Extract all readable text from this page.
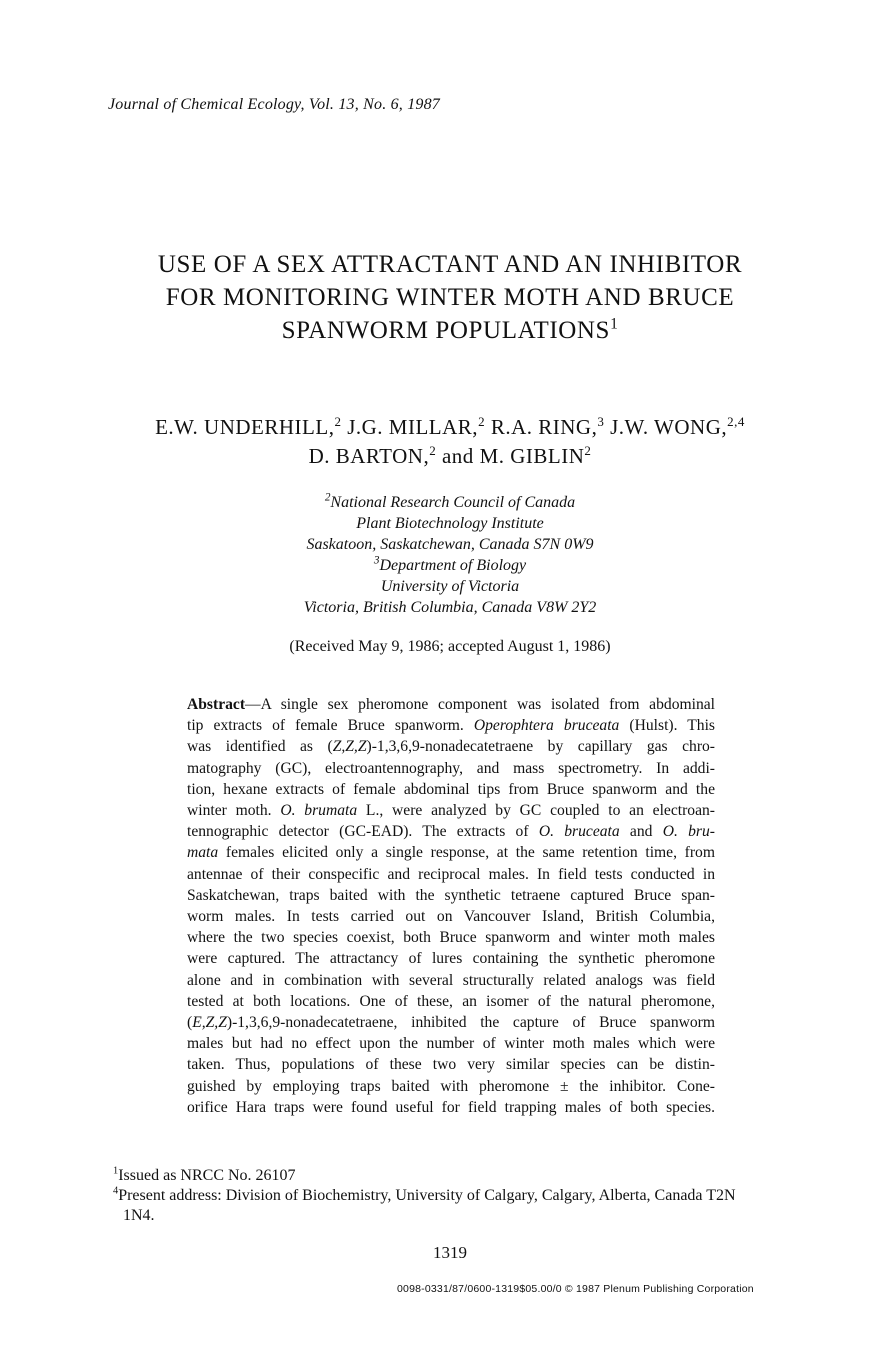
Journal of Chemical Ecology, Vol. 13, No. 6, 1987
USE OF A SEX ATTRACTANT AND AN INHIBITOR
FOR MONITORING WINTER MOTH AND BRUCE
SPANWORM POPULATIONS$^1$
E.W. UNDERHILL,$^2$ J.G. MILLAR,$^2$ R.A. RING,$^3$ J.W. WONG,$^{2,4}$
D. BARTON,$^2$ and M. GIBLIN$^2$
$^2$National Research Council of Canada
Plant Biotechnology Institute
Saskatoon, Saskatchewan, Canada S7N 0W9
$^3$Department of Biology
University of Victoria
Victoria, British Columbia, Canada V8W 2Y2
(Received May 9, 1986; accepted August 1, 1986)
Abstract—A single sex pheromone component was isolated from abdominal
tip extracts of female Bruce spanworm. Operophtera bruceata (Hulst). This
was identified as (Z,Z,Z)-1,3,6,9-nonadecatetraene by capillary gas chro-
matography (GC), electroantennography, and mass spectrometry. In addi-
tion, hexane extracts of female abdominal tips from Bruce spanworm and the
winter moth. O. brumata L., were analyzed by GC coupled to an electroan-
tennographic detector (GC-EAD). The extracts of O. bruceata and O. bru-
mata females elicited only a single response, at the same retention time, from
antennae of their conspecific and reciprocal males. In field tests conducted in
Saskatchewan, traps baited with the synthetic tetraene captured Bruce span-
worm males. In tests carried out on Vancouver Island, British Columbia,
where the two species coexist, both Bruce spanworm and winter moth males
were captured. The attractancy of lures containing the synthetic pheromone
alone and in combination with several structurally related analogs was field
tested at both locations. One of these, an isomer of the natural pheromone,
(E,Z,Z)-1,3,6,9-nonadecatetraene, inhibited the capture of Bruce spanworm
males but had no effect upon the number of winter moth males which were
taken. Thus, populations of these two very similar species can be distin-
guished by employing traps baited with pheromone ± the inhibitor. Cone-
orifice Hara traps were found useful for field trapping males of both species.
$^1$Issued as NRCC No. 26107
$^4$Present address: Division of Biochemistry, University of Calgary, Calgary, Alberta, Canada T2N
1N4.
1319
0098-0331/87/0600-1319$05.00/0 © 1987 Plenum Publishing Corporation
